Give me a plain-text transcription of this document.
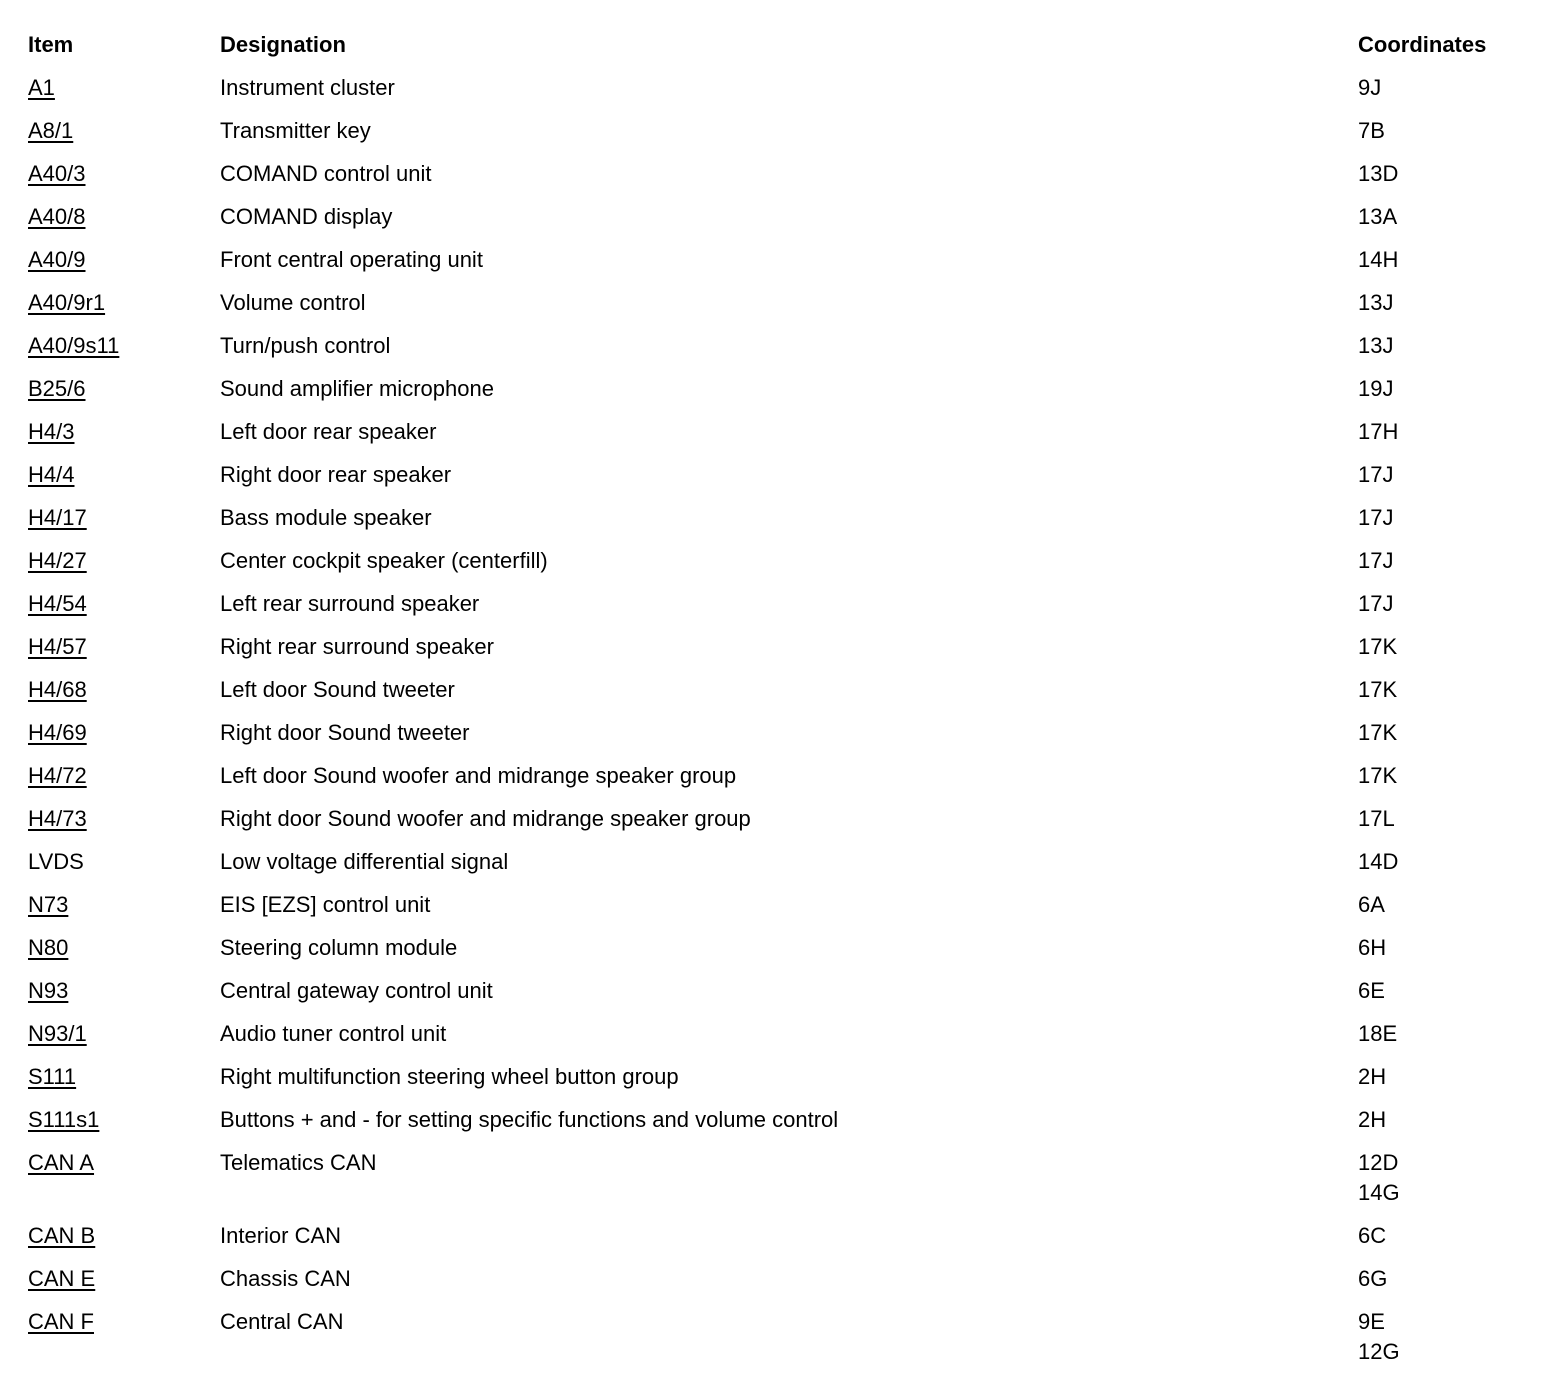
Item	Designation	Coordinates
A1	Instrument cluster	9J

A8/1	Transmitter key	7B

A40/3	COMAND control unit	13D

A40/8	COMAND display	13A

A40/9	Front central operating unit	14H

A40/9r1	Volume control	13J

A40/9s11	Turn/push control	13J

B25/6	Sound amplifier microphone	19J

H4/3	Left door rear speaker	17H

H4/4	Right door rear speaker	17J

H4/17	Bass module speaker	17J

H4/27	Center cockpit speaker (centerfill)	17J

H4/54	Left rear surround speaker	17J

H4/57	Right rear surround speaker	17K

H4/68	Left door Sound tweeter	17K

H4/69	Right door Sound tweeter	17K

H4/72	Left door Sound woofer and midrange speaker group	17K

H4/73	Right door Sound woofer and midrange speaker group	17L

LVDS	Low voltage differential signal	14D

N73	EIS [EZS] control unit	6A

N80	Steering column module	6H

N93	Central gateway control unit	6E

N93/1	Audio tuner control unit	18E

S111	Right multifunction steering wheel button group	2H

S111s1	Buttons + and - for setting specific functions and volume control	2H

CAN A	Telematics CAN	12D
14G

CAN B	Interior CAN	6C

CAN E	Chassis CAN	6G

CAN F	Central CAN	9E
12G
